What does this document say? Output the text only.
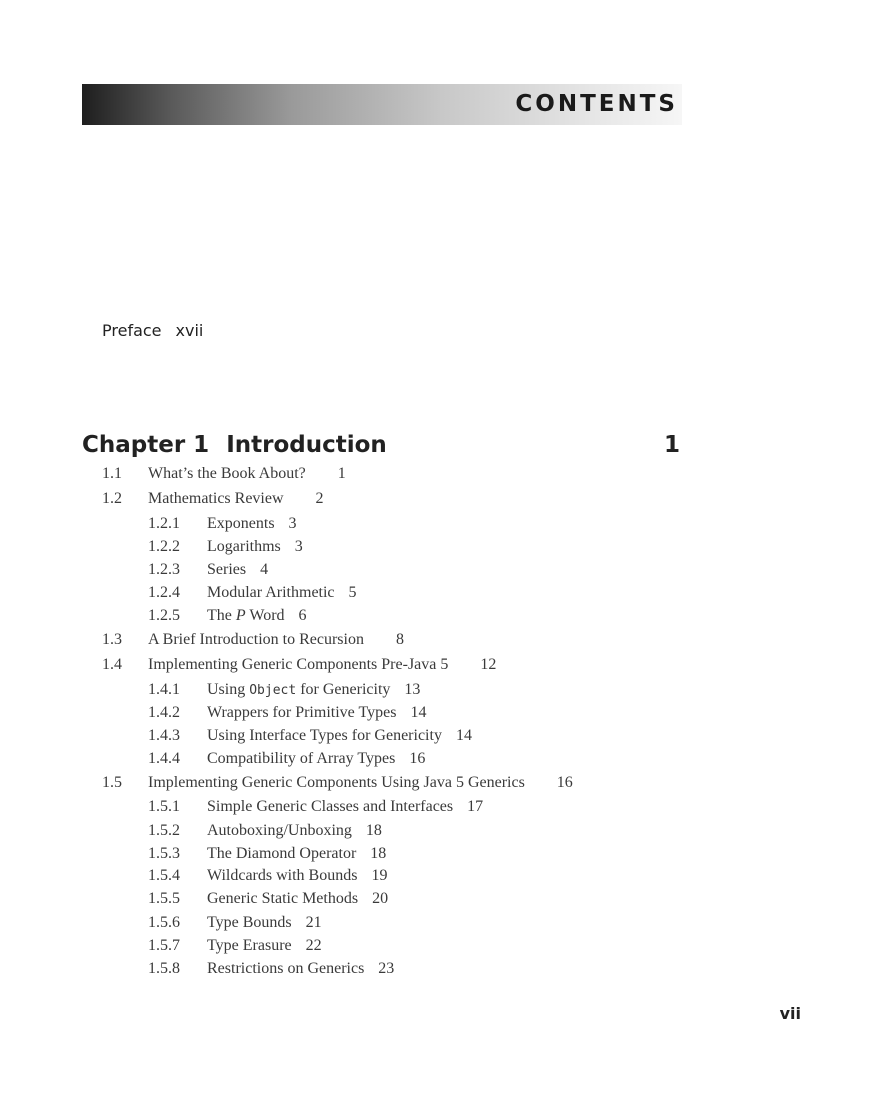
CONTENTS
Preface xvii
Chapter 1 Introduction	1
1.1 What’s the Book About? 1
1.2 Mathematics Review 2
1.2.1 Exponents 3
1.2.2 Logarithms 3
1.2.3 Series 4
1.2.4 Modular Arithmetic 5
1.2.5 The P Word 6
1.3 A Brief Introduction to Recursion 8
1.4 Implementing Generic Components Pre-Java 5 12
1.4.1 Using Object for Genericity 13
1.4.2 Wrappers for Primitive Types 14
1.4.3 Using Interface Types for Genericity 14
1.4.4 Compatibility of Array Types 16
1.5 Implementing Generic Components Using Java 5 Generics 16
1.5.1 Simple Generic Classes and Interfaces 17
1.5.2 Autoboxing/Unboxing 18
1.5.3 The Diamond Operator 18
1.5.4 Wildcards with Bounds 19
1.5.5 Generic Static Methods 20
1.5.6 Type Bounds 21
1.5.7 Type Erasure 22
1.5.8 Restrictions on Generics 23
vii
